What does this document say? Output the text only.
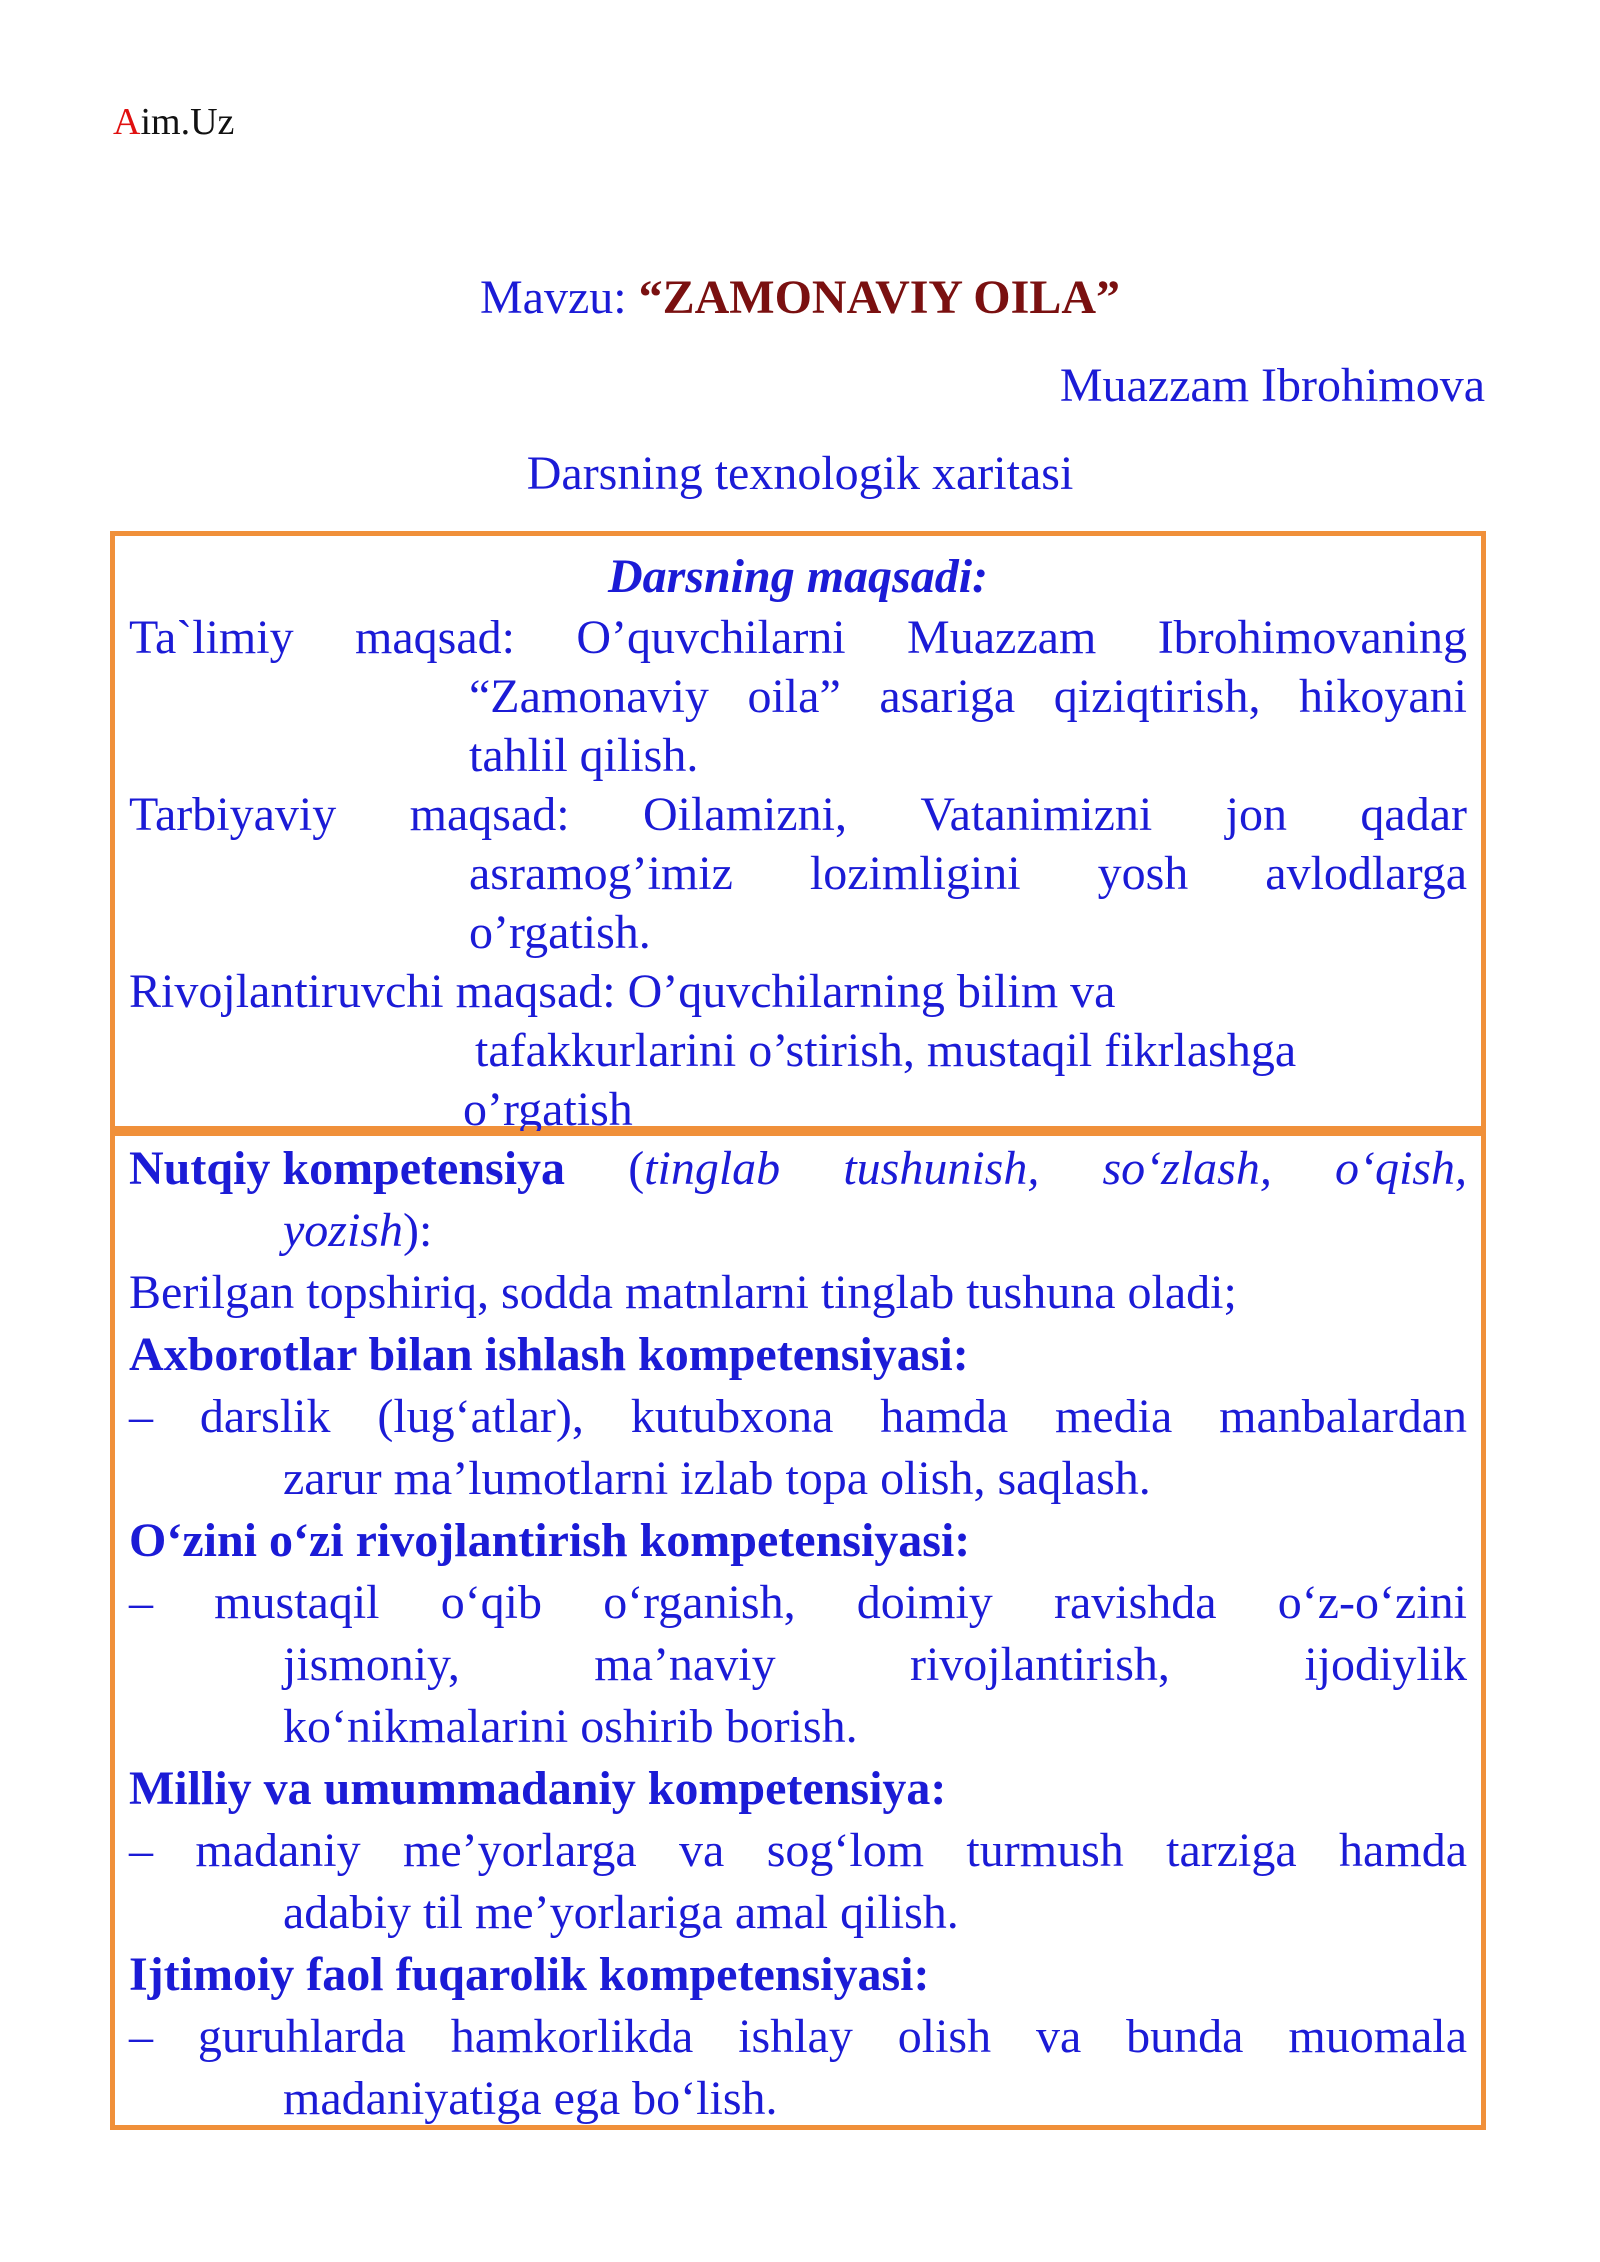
Aim.Uz
Mavzu: “ZAMONAVIY OILA”
Muazzam Ibrohimova
Darsning texnologik xaritasi
Darsning maqsadi:
Ta`limiy maqsad: O’quvchilarni Muazzam Ibrohimovaning
“Zamonaviy oila” asariga qiziqtirish, hikoyani
tahlil qilish.
Tarbiyaviy maqsad: Oilamizni, Vatanimizni jon qadar
asramog’imiz lozimligini yosh avlodlarga
o’rgatish.
Rivojlantiruvchi maqsad: O’quvchilarning bilim va
tafakkurlarini o’stirish, mustaqil fikrlashga
o’rgatish
Nutqiy kompetensiya (tinglab tushunish, so‘zlash, o‘qish,
yozish):
Berilgan topshiriq, sodda matnlarni tinglab tushuna oladi;
Axborotlar bilan ishlash kompetensiyasi:
– darslik (lug‘atlar), kutubxona hamda media manbalardan
zarur ma’lumotlarni izlab topa olish, saqlash.
O‘zini o‘zi rivojlantirish kompetensiyasi:
– mustaqil o‘qib o‘rganish, doimiy ravishda o‘z-o‘zini
jismoniy, ma’naviy rivojlantirish, ijodiylik
ko‘nikmalarini oshirib borish.
Milliy va umummadaniy kompetensiya:
– madaniy me’yorlarga va sog‘lom turmush tarziga hamda
adabiy til me’yorlariga amal qilish.
Ijtimoiy faol fuqarolik kompetensiyasi:
– guruhlarda hamkorlikda ishlay olish va bunda muomala
madaniyatiga ega bo‘lish.
